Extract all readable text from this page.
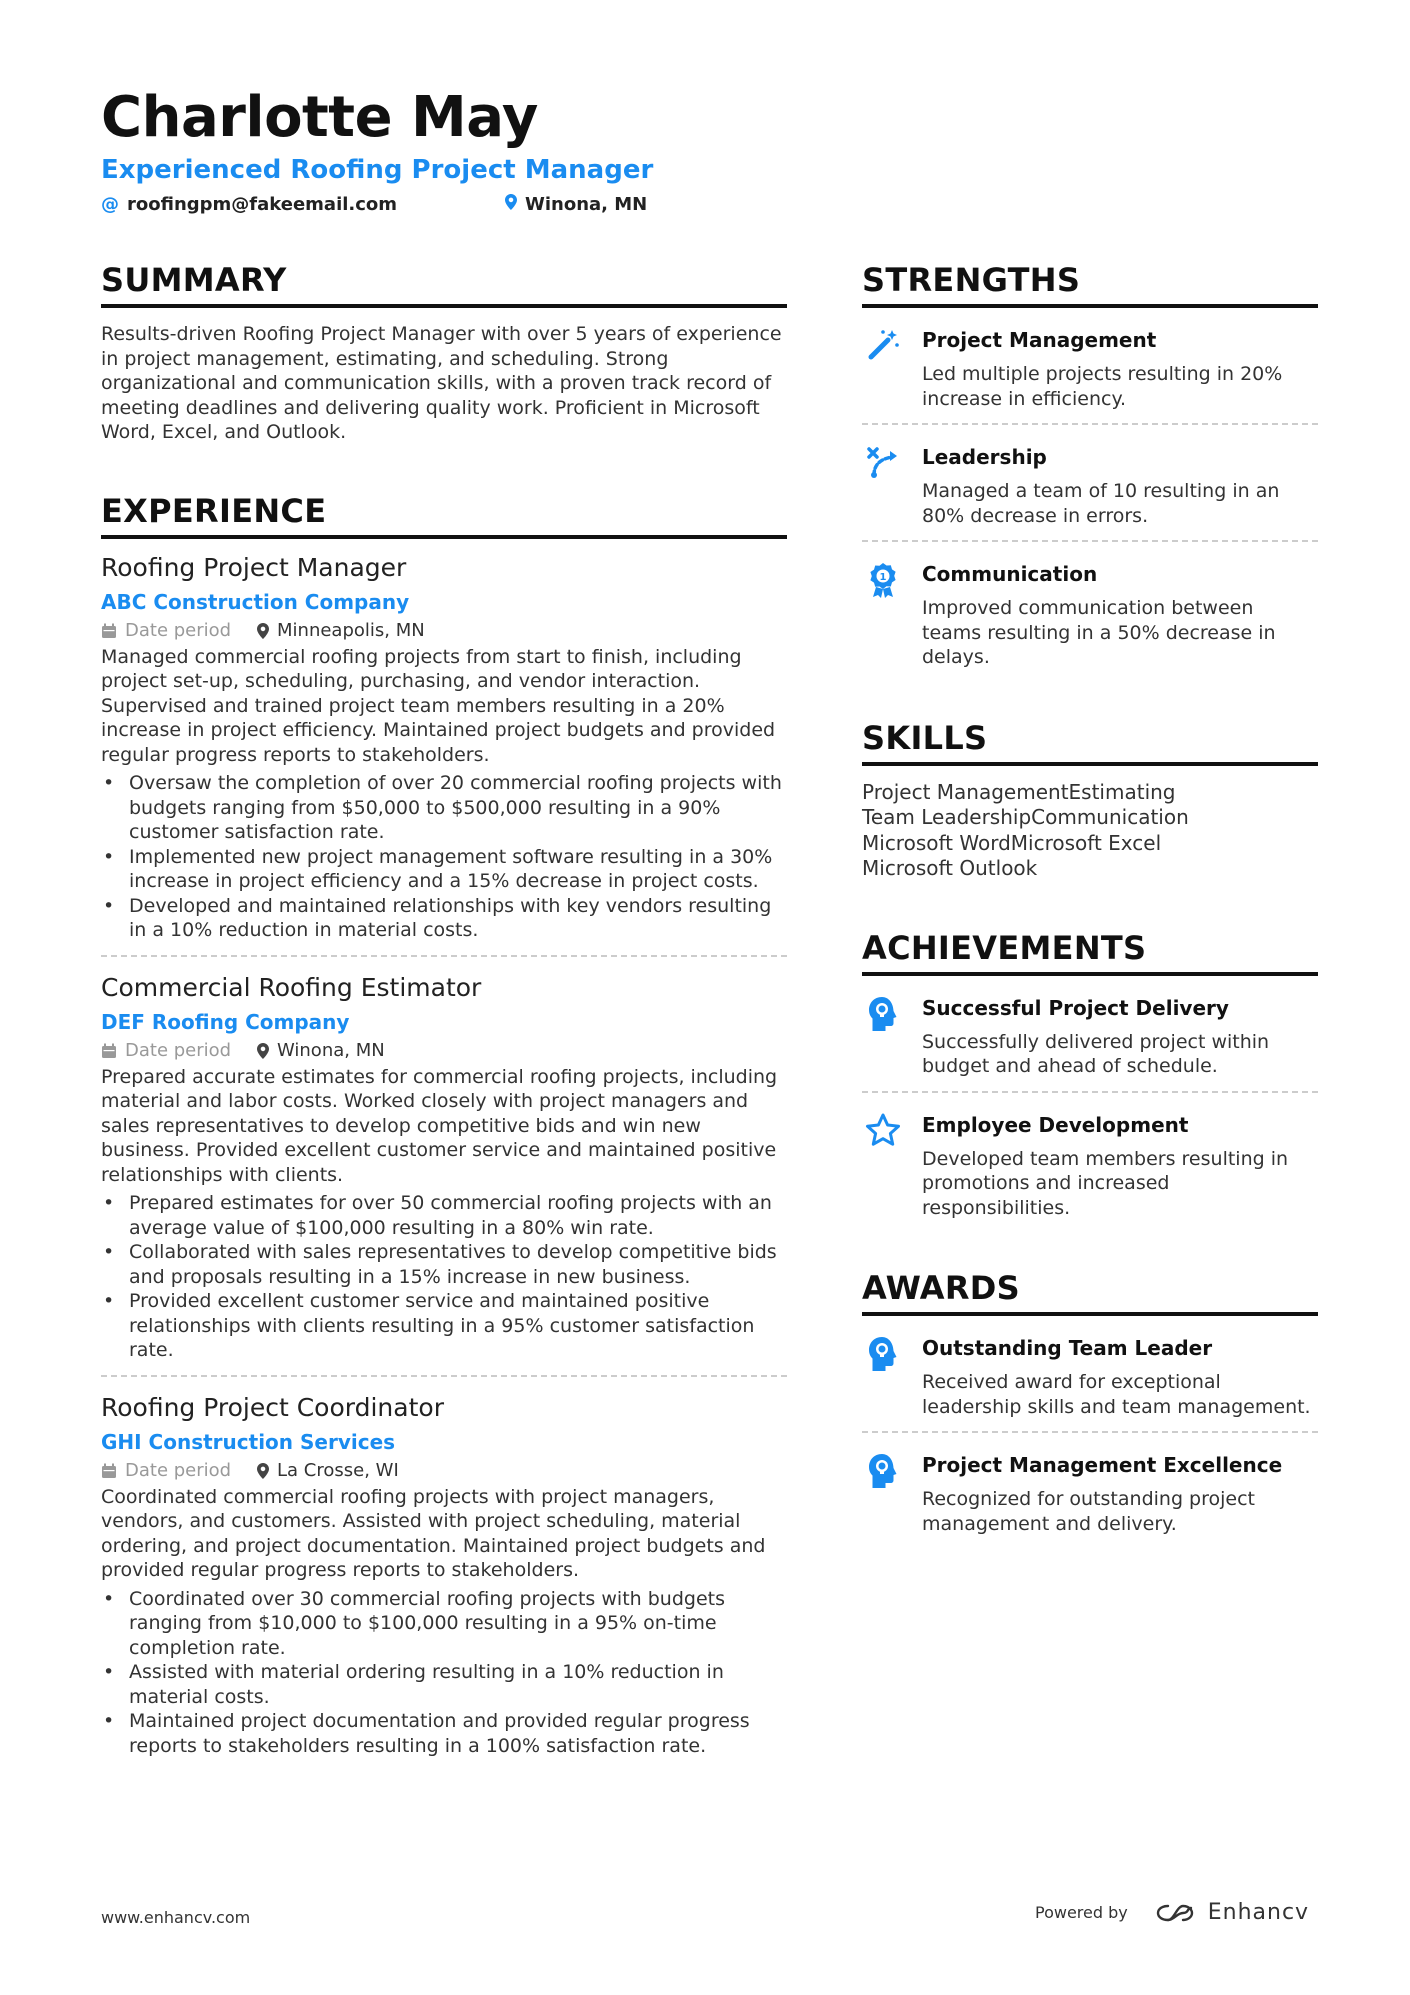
Charlotte May
Experienced Roofing Project Manager
@ roofingpm@fakeemail.com	Winona, MN
SUMMARY
Results-driven Roofing Project Manager with over 5 years of experience in project management, estimating, and scheduling. Strong organizational and communication skills, with a proven track record of meeting deadlines and delivering quality work. Proficient in Microsoft Word, Excel, and Outlook.
EXPERIENCE
Roofing Project Manager
ABC Construction Company
Date period	Minneapolis, MN
Managed commercial roofing projects from start to finish, including project set-up, scheduling, purchasing, and vendor interaction. Supervised and trained project team members resulting in a 20% increase in project efficiency. Maintained project budgets and provided regular progress reports to stakeholders.
• Oversaw the completion of over 20 commercial roofing projects with budgets ranging from $50,000 to $500,000 resulting in a 90% customer satisfaction rate.
• Implemented new project management software resulting in a 30% increase in project efficiency and a 15% decrease in project costs.
• Developed and maintained relationships with key vendors resulting in a 10% reduction in material costs.
Commercial Roofing Estimator
DEF Roofing Company
Date period	Winona, MN
Prepared accurate estimates for commercial roofing projects, including material and labor costs. Worked closely with project managers and sales representatives to develop competitive bids and win new business. Provided excellent customer service and maintained positive relationships with clients.
• Prepared estimates for over 50 commercial roofing projects with an average value of $100,000 resulting in a 80% win rate.
• Collaborated with sales representatives to develop competitive bids and proposals resulting in a 15% increase in new business.
• Provided excellent customer service and maintained positive relationships with clients resulting in a 95% customer satisfaction rate.
Roofing Project Coordinator
GHI Construction Services
Date period	La Crosse, WI
Coordinated commercial roofing projects with project managers, vendors, and customers. Assisted with project scheduling, material ordering, and project documentation. Maintained project budgets and provided regular progress reports to stakeholders.
• Coordinated over 30 commercial roofing projects with budgets ranging from $10,000 to $100,000 resulting in a 95% on-time completion rate.
• Assisted with material ordering resulting in a 10% reduction in material costs.
• Maintained project documentation and provided regular progress reports to stakeholders resulting in a 100% satisfaction rate.
STRENGTHS
Project Management
Led multiple projects resulting in 20% increase in efficiency.
Leadership
Managed a team of 10 resulting in an 80% decrease in errors.
1 Communication
Improved communication between teams resulting in a 50% decrease in delays.
SKILLS
Project ManagementEstimating
Team LeadershipCommunication
Microsoft WordMicrosoft Excel
Microsoft Outlook
ACHIEVEMENTS
Successful Project Delivery
Successfully delivered project within budget and ahead of schedule.
Employee Development
Developed team members resulting in promotions and increased responsibilities.
AWARDS
Outstanding Team Leader
Received award for exceptional leadership skills and team management.
Project Management Excellence
Recognized for outstanding project management and delivery.
www.enhancv.com	Powered by	Enhancv
